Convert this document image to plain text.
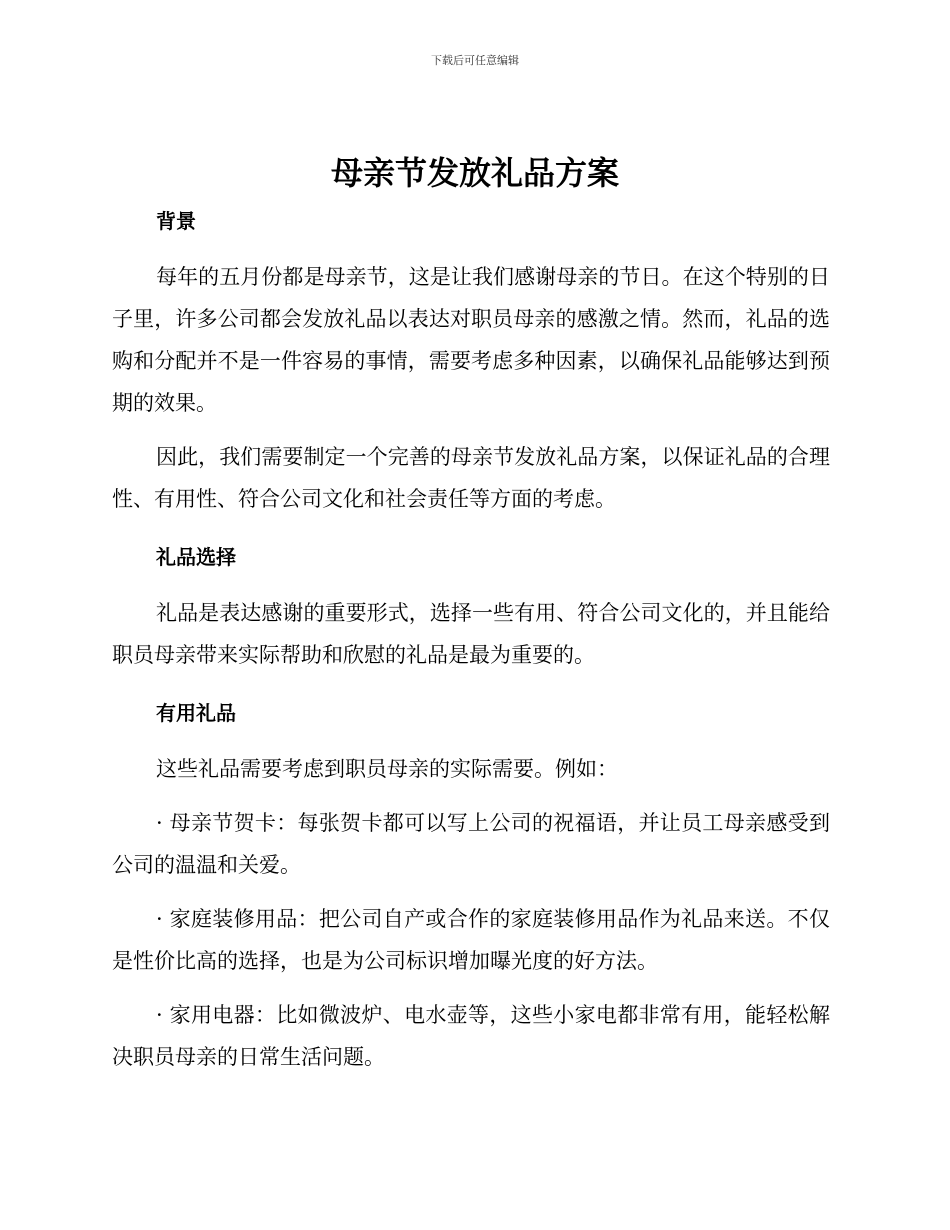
下载后可任意编辑
母亲节发放礼品方案
背景

每年的五月份都是母亲节，这是让我们感谢母亲的节日。在这个特别的日子里，许多公司都会发放礼品以表达对职员母亲的感激之情。然而，礼品的选购和分配并不是一件容易的事情，需要考虑多种因素，以确保礼品能够达到预期的效果。

因此，我们需要制定一个完善的母亲节发放礼品方案，以保证礼品的合理性、有用性、符合公司文化和社会责任等方面的考虑。

礼品选择

礼品是表达感谢的重要形式，选择一些有用、符合公司文化的，并且能给职员母亲带来实际帮助和欣慰的礼品是最为重要的。

有用礼品

这些礼品需要考虑到职员母亲的实际需要。例如：

· 母亲节贺卡：每张贺卡都可以写上公司的祝福语，并让员工母亲感受到公司的温温和关爱。

· 家庭装修用品：把公司自产或合作的家庭装修用品作为礼品来送。不仅是性价比高的选择，也是为公司标识增加曝光度的好方法。

· 家用电器：比如微波炉、电水壶等，这些小家电都非常有用，能轻松解决职员母亲的日常生活问题。
